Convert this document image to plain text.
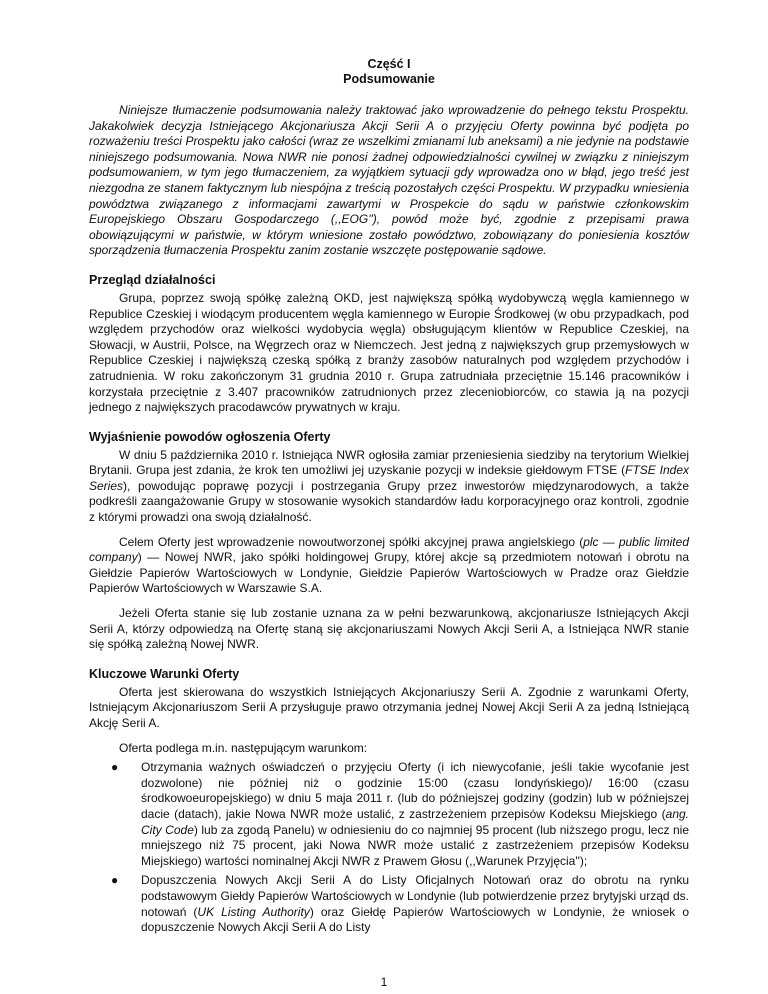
Część I
Podsumowanie

Niniejsze tłumaczenie podsumowania należy traktować jako wprowadzenie do pełnego tekstu Prospektu. Jakakolwiek decyzja Istniejącego Akcjonariusza Akcji Serii A o przyjęciu Oferty powinna być podjęta po rozważeniu treści Prospektu jako całości (wraz ze wszelkimi zmianami lub aneksami) a nie jedynie na podstawie niniejszego podsumowania. Nowa NWR nie ponosi żadnej odpowiedzialności cywilnej w związku z niniejszym podsumowaniem, w tym jego tłumaczeniem, za wyjątkiem sytuacji gdy wprowadza ono w błąd, jego treść jest niezgodna ze stanem faktycznym lub niespójna z treścią pozostałych części Prospektu. W przypadku wniesienia powództwa związanego z informacjami zawartymi w Prospekcie do sądu w państwie członkowskim Europejskiego Obszaru Gospodarczego (,,EOG''), powód może być, zgodnie z przepisami prawa obowiązującymi w państwie, w którym wniesione zostało powództwo, zobowiązany do poniesienia kosztów sporządzenia tłumaczenia Prospektu zanim zostanie wszczęte postępowanie sądowe.

Przegląd działalności

Grupa, poprzez swoją spółkę zależną OKD, jest największą spółką wydobywczą węgla kamiennego w Republice Czeskiej i wiodącym producentem węgla kamiennego w Europie Środkowej (w obu przypadkach, pod względem przychodów oraz wielkości wydobycia węgla) obsługującym klientów w Republice Czeskiej, na Słowacji, w Austrii, Polsce, na Węgrzech oraz w Niemczech. Jest jedną z największych grup przemysłowych w Republice Czeskiej i największą czeską spółką z branży zasobów naturalnych pod względem przychodów i zatrudnienia. W roku zakończonym 31 grudnia 2010 r. Grupa zatrudniała przeciętnie 15.146 pracowników i korzystała przeciętnie z 3.407 pracowników zatrudnionych przez zleceniobiorców, co stawia ją na pozycji jednego z największych pracodawców prywatnych w kraju.

Wyjaśnienie powodów ogłoszenia Oferty

W dniu 5 października 2010 r. Istniejąca NWR ogłosiła zamiar przeniesienia siedziby na terytorium Wielkiej Brytanii. Grupa jest zdania, że krok ten umożliwi jej uzyskanie pozycji w indeksie giełdowym FTSE (FTSE Index Series), powodując poprawę pozycji i postrzegania Grupy przez inwestorów międzynarodowych, a także podkreśli zaangażowanie Grupy w stosowanie wysokich standardów ładu korporacyjnego oraz kontroli, zgodnie z którymi prowadzi ona swoją działalność.

Celem Oferty jest wprowadzenie nowoutworzonej spółki akcyjnej prawa angielskiego (plc — public limited company) — Nowej NWR, jako spółki holdingowej Grupy, której akcje są przedmiotem notowań i obrotu na Giełdzie Papierów Wartościowych w Londynie, Giełdzie Papierów Wartościowych w Pradze oraz Giełdzie Papierów Wartościowych w Warszawie S.A.

Jeżeli Oferta stanie się lub zostanie uznana za w pełni bezwarunkową, akcjonariusze Istniejących Akcji Serii A, którzy odpowiedzą na Ofertę staną się akcjonariuszami Nowych Akcji Serii A, a Istniejąca NWR stanie się spółką zależną Nowej NWR.

Kluczowe Warunki Oferty

Oferta jest skierowana do wszystkich Istniejących Akcjonariuszy Serii A. Zgodnie z warunkami Oferty, Istniejącym Akcjonariuszom Serii A przysługuje prawo otrzymania jednej Nowej Akcji Serii A za jedną Istniejącą Akcję Serii A.

Oferta podlega m.in. następującym warunkom:

●	Otrzymania ważnych oświadczeń o przyjęciu Oferty (i ich niewycofanie, jeśli takie wycofanie jest dozwolone) nie później niż o godzinie 15:00 (czasu londyńskiego)/ 16:00 (czasu środkowoeuropejskiego) w dniu 5 maja 2011 r. (lub do późniejszej godziny (godzin) lub w późniejszej dacie (datach), jakie Nowa NWR może ustalić, z zastrzeżeniem przepisów Kodeksu Miejskiego (ang. City Code) lub za zgodą Panelu) w odniesieniu do co najmniej 95 procent (lub niższego progu, lecz nie mniejszego niż 75 procent, jaki Nowa NWR może ustalić z zastrzeżeniem przepisów Kodeksu Miejskiego) wartości nominalnej Akcji NWR z Prawem Głosu (,,Warunek Przyjęcia'');

●	Dopuszczenia Nowych Akcji Serii A do Listy Oficjalnych Notowań oraz do obrotu na rynku podstawowym Giełdy Papierów Wartościowych w Londynie (lub potwierdzenie przez brytyjski urząd ds. notowań (UK Listing Authority) oraz Giełdę Papierów Wartościowych w Londynie, że wniosek o dopuszczenie Nowych Akcji Serii A do Listy

1
